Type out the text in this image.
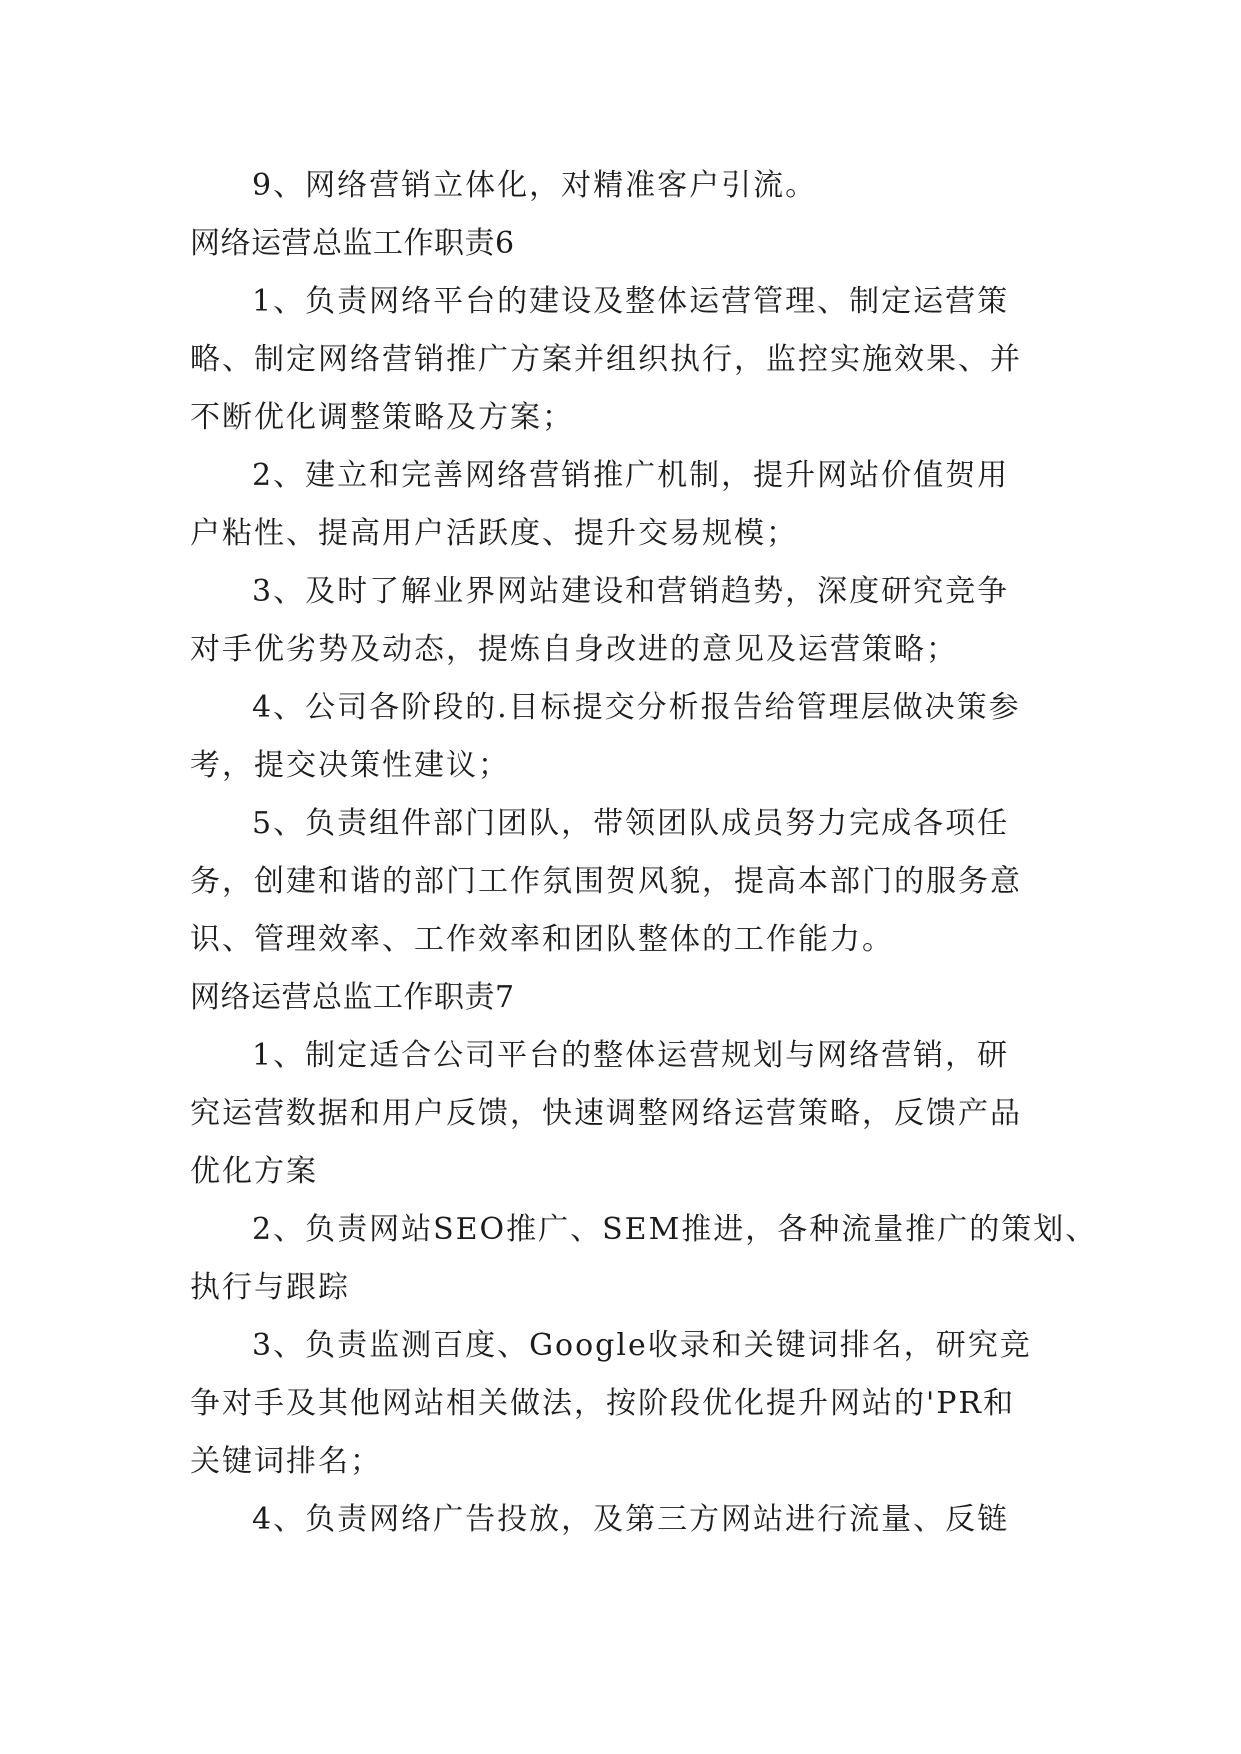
9、网络营销立体化，对精准客户引流。

网络运营总监工作职责6

1、负责网络平台的建设及整体运营管理、制定运营策

略、制定网络营销推广方案并组织执行，监控实施效果、并

不断优化调整策略及方案；

2、建立和完善网络营销推广机制，提升网站价值贺用

户粘性、提高用户活跃度、提升交易规模；

3、及时了解业界网站建设和营销趋势，深度研究竞争

对手优劣势及动态，提炼自身改进的意见及运营策略；

4、公司各阶段的.目标提交分析报告给管理层做决策参

考，提交决策性建议；

5、负责组件部门团队，带领团队成员努力完成各项任

务，创建和谐的部门工作氛围贺风貌，提高本部门的服务意

识、管理效率、工作效率和团队整体的工作能力。

网络运营总监工作职责7

1、制定适合公司平台的整体运营规划与网络营销，研

究运营数据和用户反馈，快速调整网络运营策略，反馈产品

优化方案

2、负责网站SEO推广、SEM推进，各种流量推广的策划、

执行与跟踪

3、负责监测百度、Google收录和关键词排名，研究竞

争对手及其他网站相关做法，按阶段优化提升网站的'PR和

关键词排名；

4、负责网络广告投放，及第三方网站进行流量、反链
